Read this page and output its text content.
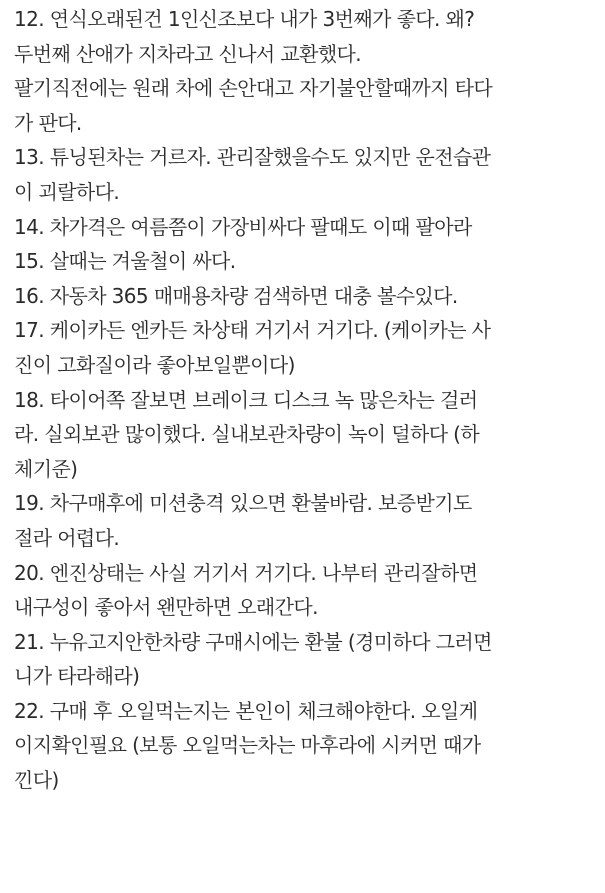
12. 연식오래된건 1인신조보다 내가 3번째가 좋다. 왜?
두번째 산애가 지차라고 신나서 교환했다.
팔기직전에는 원래 차에 손안대고 자기불안할때까지 타다
가 판다.
13. 튜닝된차는 거르자. 관리잘했을수도 있지만 운전습관
이 괴랄하다.
14. 차가격은 여름쯤이 가장비싸다 팔때도 이때 팔아라
15. 살때는 겨울철이 싸다.
16. 자동차 365 매매용차량 검색하면 대충 볼수있다.
17. 케이카든 엔카든 차상태 거기서 거기다. (케이카는 사
진이 고화질이라 좋아보일뿐이다)
18. 타이어쪽 잘보면 브레이크 디스크 녹 많은차는 걸러
라. 실외보관 많이했다. 실내보관차량이 녹이 덜하다 (하
체기준)
19. 차구매후에 미션충격 있으면 환불바람. 보증받기도
절라 어렵다.
20. 엔진상태는 사실 거기서 거기다. 나부터 관리잘하면
내구성이 좋아서 왠만하면 오래간다.
21. 누유고지안한차량 구매시에는 환불 (경미하다 그러면
니가 타라해라)
22. 구매 후 오일먹는지는 본인이 체크해야한다. 오일게
이지확인필요 (보통 오일먹는차는 마후라에 시커먼 때가
낀다)
